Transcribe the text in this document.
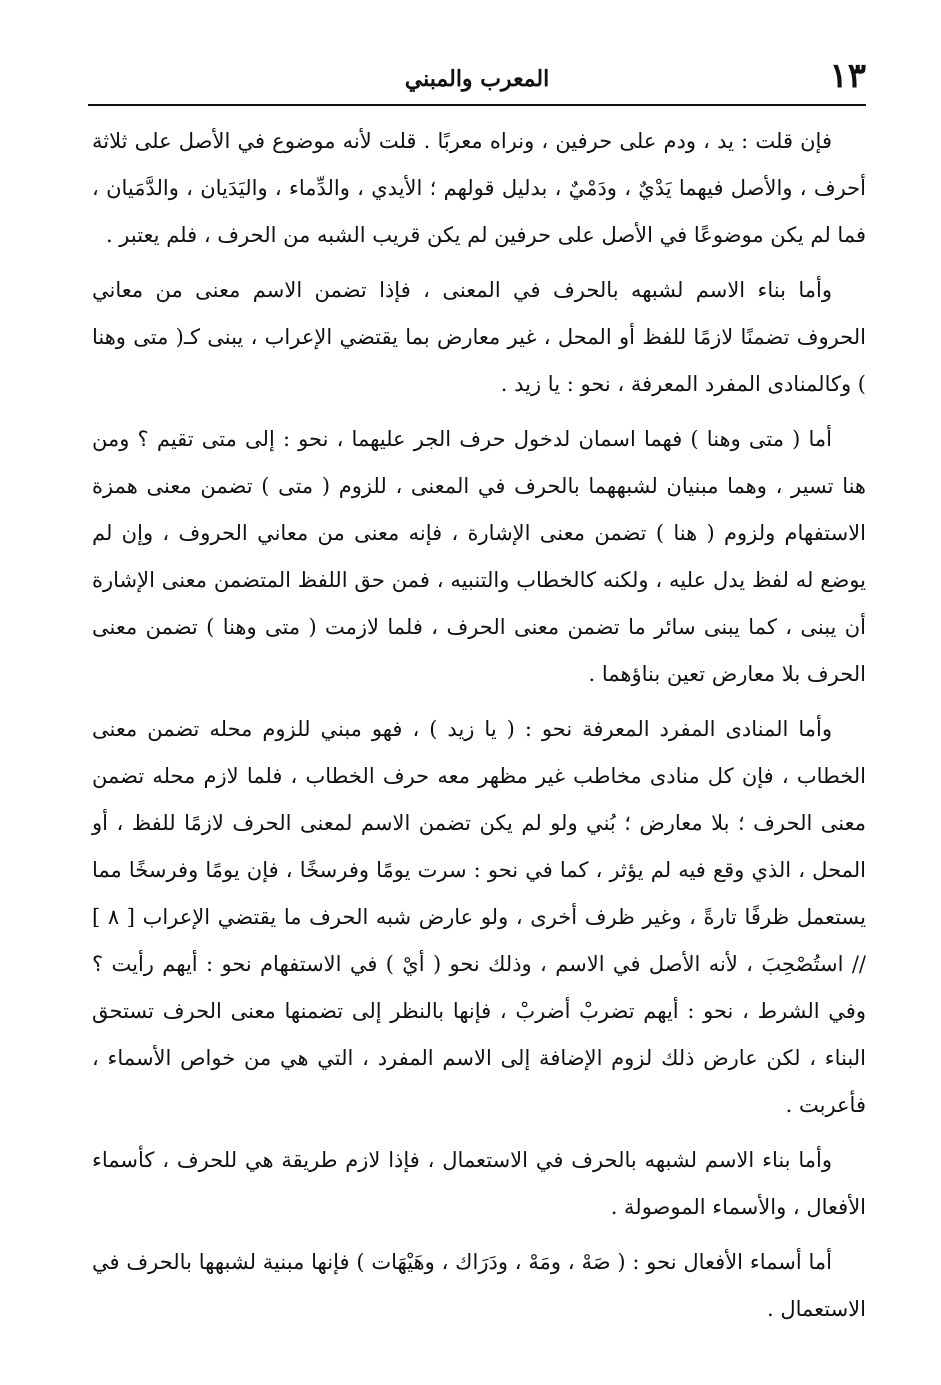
١٣
المعرب والمبني

فإن قلت : يد ، ودم على حرفين ، ونراه معربًا . قلت لأنه موضوع في الأصل على ثلاثة أحرف ، والأصل فيهما يَدْيٌ ، ودَمْيٌ ، بدليل قولهم ؛ الأيدي ، والدِّماء ، واليَدَيان ، والدَّمَيان ، فما لم يكن موضوعًا في الأصل على حرفين لم يكن قريب الشبه من الحرف ، فلم يعتبر .

وأما بناء الاسم لشبهه بالحرف في المعنى ، فإذا تضمن الاسم معنى من معاني الحروف تضمنًا لازمًا للفظ أو المحل ، غير معارض بما يقتضي الإعراب ، يبنى كـ( متى وهنا ) وكالمنادى المفرد المعرفة ، نحو : يا زيد .

أما ( متى وهنا ) فهما اسمان لدخول حرف الجر عليهما ، نحو : إلى متى تقيم ؟ ومن هنا تسير ، وهما مبنيان لشبههما بالحرف في المعنى ، للزوم ( متى ) تضمن معنى همزة الاستفهام ولزوم ( هنا ) تضمن معنى الإشارة ، فإنه معنى من معاني الحروف ، وإن لم يوضع له لفظ يدل عليه ، ولكنه كالخطاب والتنبيه ، فمن حق اللفظ المتضمن معنى الإشارة أن يبنى ، كما يبنى سائر ما تضمن معنى الحرف ، فلما لازمت ( متى وهنا ) تضمن معنى الحرف بلا معارض تعين بناؤهما .

وأما المنادى المفرد المعرفة نحو : ( يا زيد ) ، فهو مبني للزوم محله تضمن معنى الخطاب ، فإن كل منادى مخاطب غير مظهر معه حرف الخطاب ، فلما لازم محله تضمن معنى الحرف ؛ بلا معارض ؛ بُني ولو لم يكن تضمن الاسم لمعنى الحرف لازمًا للفظ ، أو المحل ، الذي وقع فيه لم يؤثر ، كما في نحو : سرت يومًا وفرسخًا ، فإن يومًا وفرسخًا مما يستعمل ظرفًا تارةً ، وغير ظرف أخرى ، ولو عارض شبه الحرف ما يقتضي الإعراب [ ٨ ] // استُصْحِبَ ، لأنه الأصل في الاسم ، وذلك نحو ( أيْ ) في الاستفهام نحو : أيهم رأيت ؟ وفي الشرط ، نحو : أيهم تضربْ أضربْ ، فإنها بالنظر إلى تضمنها معنى الحرف تستحق البناء ، لكن عارض ذلك لزوم الإضافة إلى الاسم المفرد ، التي هي من خواص الأسماء ، فأعربت .

وأما بناء الاسم لشبهه بالحرف في الاستعمال ، فإذا لازم طريقة هي للحرف ، كأسماء الأفعال ، والأسماء الموصولة .

أما أسماء الأفعال نحو : ( صَهْ ، ومَهْ ، ودَرَاك ، وهَيْهَات ) فإنها مبنية لشبهها بالحرف في الاستعمال .
